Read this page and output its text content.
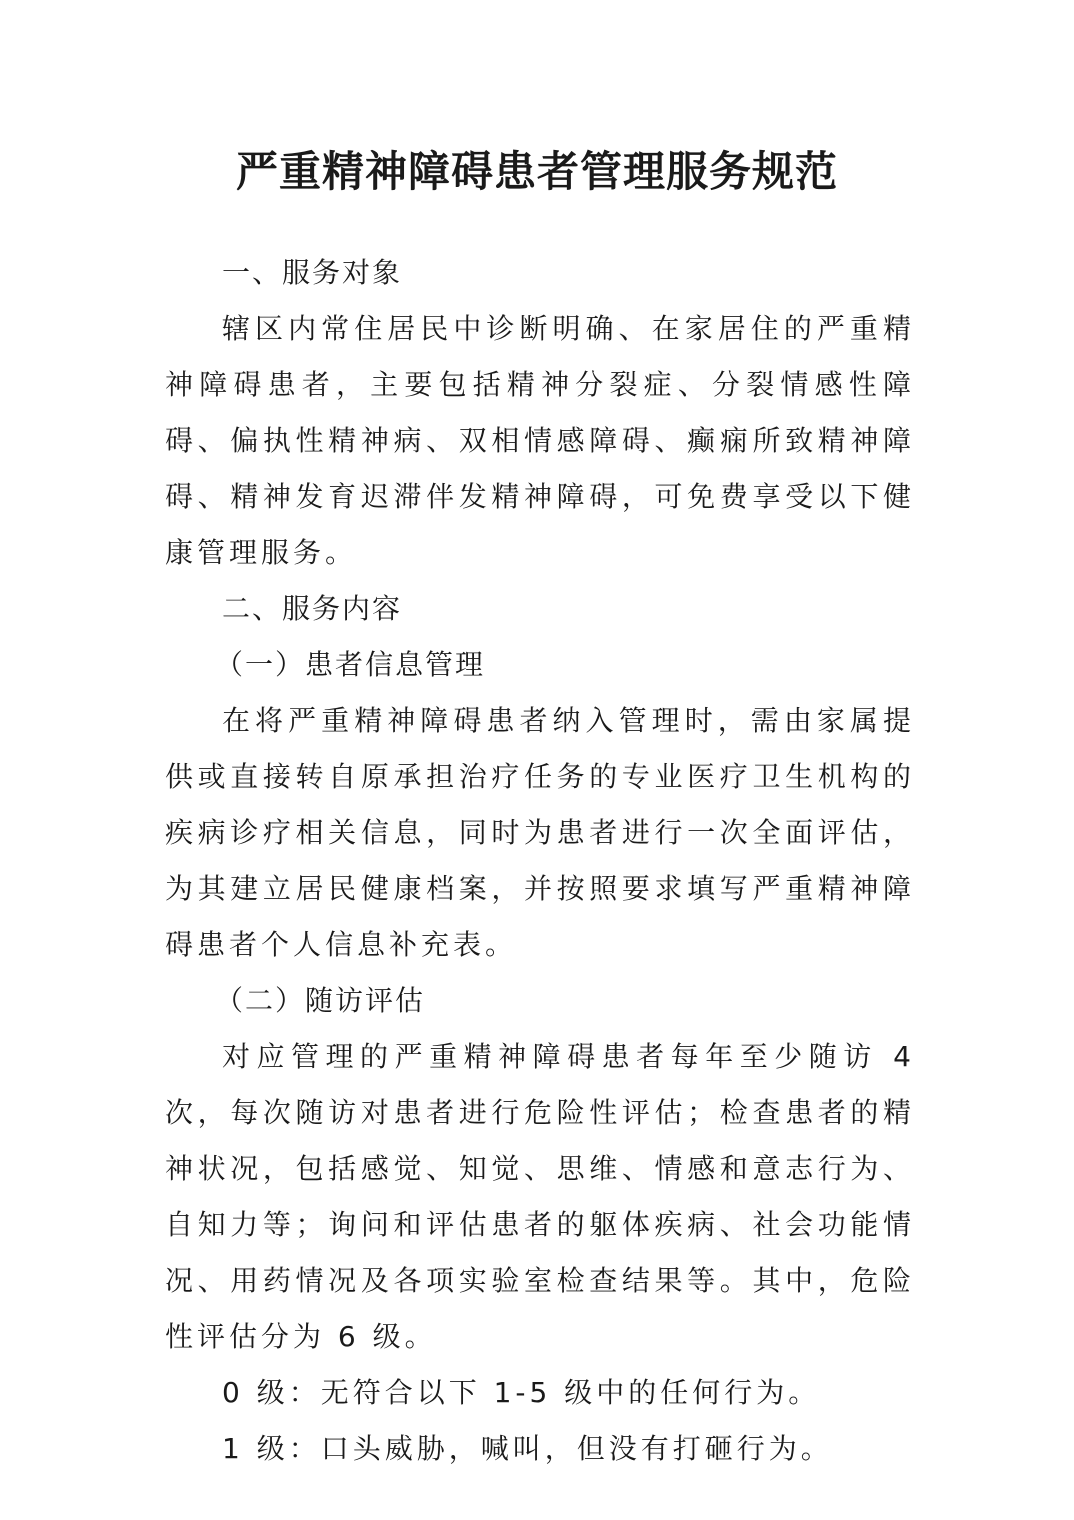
严重精神障碍患者管理服务规范

一、服务对象

辖区内常住居民中诊断明确、在家居住的严重精神障碍患者，主要包括精神分裂症、分裂情感性障碍、偏执性精神病、双相情感障碍、癫痫所致精神障碍、精神发育迟滞伴发精神障碍，可免费享受以下健康管理服务。

二、服务内容

（一）患者信息管理

在将严重精神障碍患者纳入管理时，需由家属提供或直接转自原承担治疗任务的专业医疗卫生机构的疾病诊疗相关信息，同时为患者进行一次全面评估，为其建立居民健康档案，并按照要求填写严重精神障碍患者个人信息补充表。

（二）随访评估

对应管理的严重精神障碍患者每年至少随访 4 次，每次随访对患者进行危险性评估；检查患者的精神状况，包括感觉、知觉、思维、情感和意志行为、自知力等；询问和评估患者的躯体疾病、社会功能情况、用药情况及各项实验室检查结果等。其中，危险性评估分为 6 级。

0 级：无符合以下 1-5 级中的任何行为。

1 级：口头威胁，喊叫，但没有打砸行为。
